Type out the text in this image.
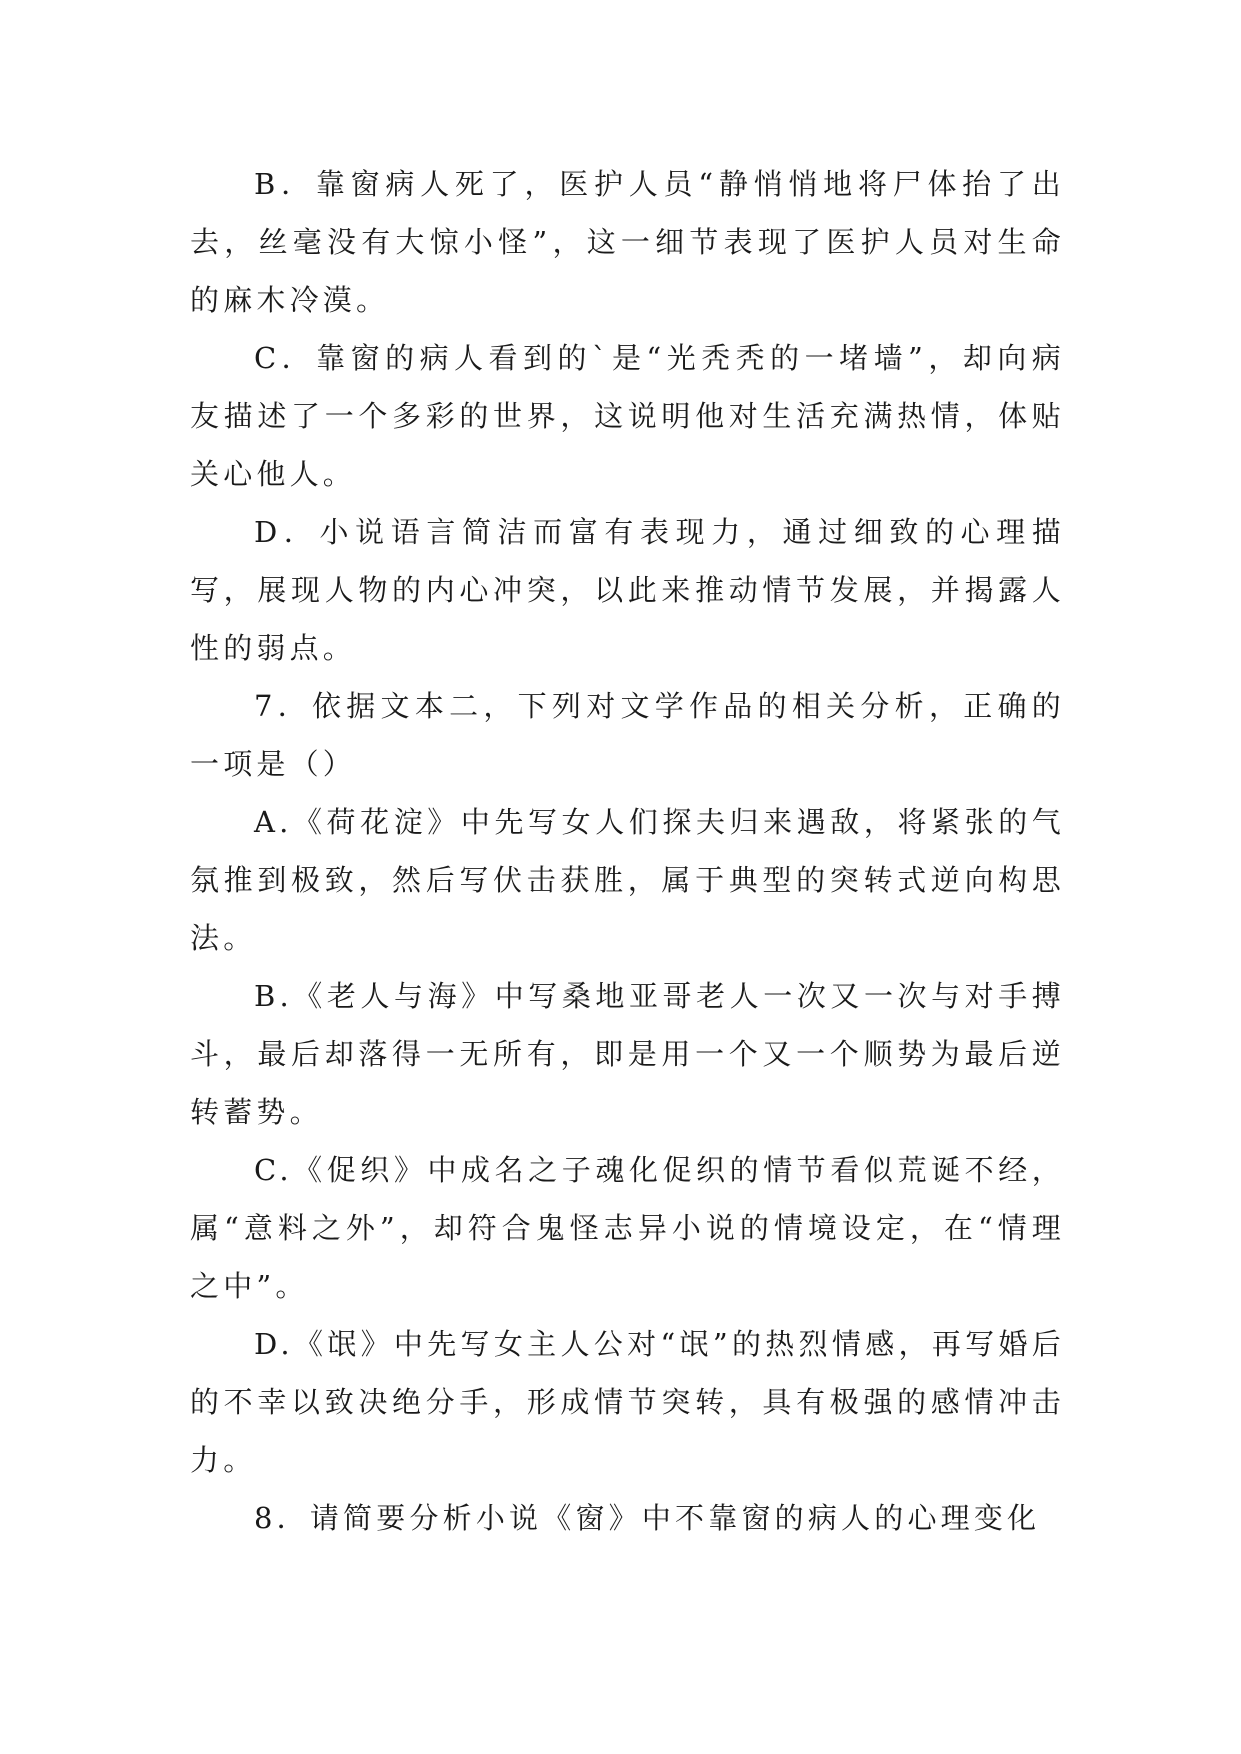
B．靠窗病人死了，医护人员“静悄悄地将尸体抬了出去，丝毫没有大惊小怪”，这一细节表现了医护人员对生命的麻木冷漠。

C．靠窗的病人看到的`是“光秃秃的一堵墙”，却向病友描述了一个多彩的世界，这说明他对生活充满热情，体贴关心他人。

D．小说语言简洁而富有表现力，通过细致的心理描写，展现人物的内心冲突，以此来推动情节发展，并揭露人性的弱点。

7．依据文本二，下列对文学作品的相关分析，正确的一项是（）

A.《荷花淀》中先写女人们探夫归来遇敌，将紧张的气氛推到极致，然后写伏击获胜，属于典型的突转式逆向构思法。

B.《老人与海》中写桑地亚哥老人一次又一次与对手搏斗，最后却落得一无所有，即是用一个又一个顺势为最后逆转蓄势。

C.《促织》中成名之子魂化促织的情节看似荒诞不经，属“意料之外”，却符合鬼怪志异小说的情境设定，在“情理之中”。

D.《氓》中先写女主人公对“氓”的热烈情感，再写婚后的不幸以致决绝分手，形成情节突转，具有极强的感情冲击力。

8．请简要分析小说《窗》中不靠窗的病人的心理变化
